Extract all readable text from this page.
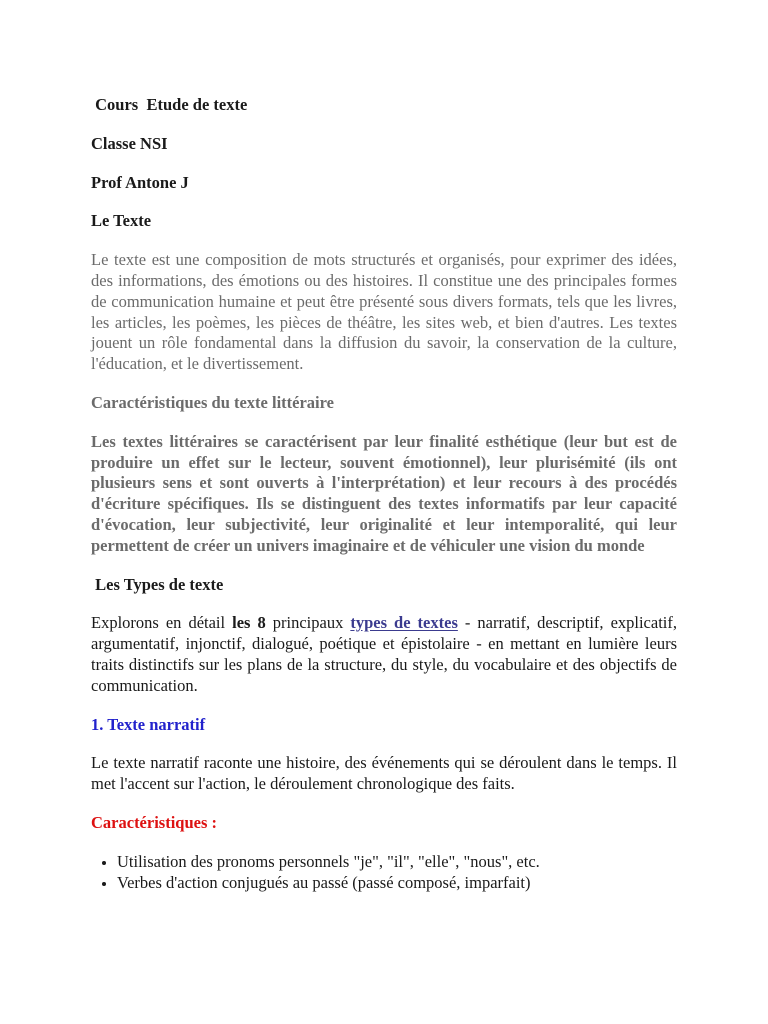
Cours  Etude de texte
Classe NSI
Prof Antone J
Le Texte

Le texte est une composition de mots structurés et organisés, pour exprimer des idées, des informations, des émotions ou des histoires. Il constitue une des principales formes de communication humaine et peut être présenté sous divers formats, tels que les livres, les articles, les poèmes, les pièces de théâtre, les sites web, et bien d'autres. Les textes jouent un rôle fondamental dans la diffusion du savoir, la conservation de la culture, l'éducation, et le divertissement.

Caractéristiques du texte littéraire

Les textes littéraires se caractérisent par leur finalité esthétique (leur but est de produire un effet sur le lecteur, souvent émotionnel), leur plurisémité (ils ont plusieurs sens et sont ouverts à l'interprétation) et leur recours à des procédés d'écriture spécifiques. Ils se distinguent des textes informatifs par leur capacité d'évocation, leur subjectivité, leur originalité et leur intemporalité, qui leur permettent de créer un univers imaginaire et de véhiculer une vision du monde

Les Types de texte

Explorons en détail les 8 principaux types de textes - narratif, descriptif, explicatif, argumentatif, injonctif, dialogué, poétique et épistolaire - en mettant en lumière leurs traits distinctifs sur les plans de la structure, du style, du vocabulaire et des objectifs de communication.

1. Texte narratif

Le texte narratif raconte une histoire, des événements qui se déroulent dans le temps. Il met l'accent sur l'action, le déroulement chronologique des faits.

Caractéristiques :
Utilisation des pronoms personnels "je", "il", "elle", "nous", etc.
Verbes d'action conjugués au passé (passé composé, imparfait)
